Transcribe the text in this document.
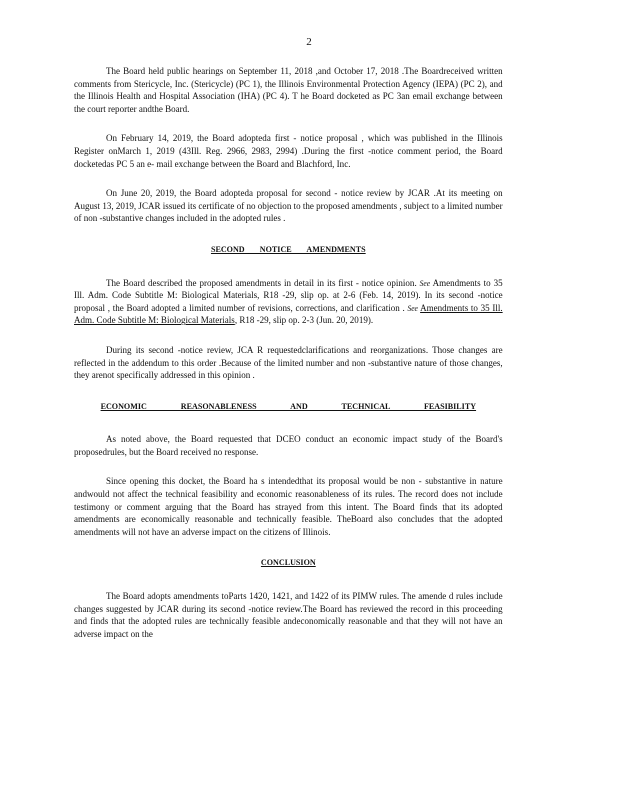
2

The Board held public hearings on September 11, 2018 ,and October 17, 2018 .The Boardreceived written comments from Stericycle, Inc. (Stericycle) (PC 1), the Illinois Environmental Protection Agency (IEPA) (PC 2), and the Illinois Health and Hospital Association (IHA) (PC 4). T he Board docketed as PC 3an email exchange between the court reporter andthe Board.

On February 14, 2019, the Board adopteda first - notice proposal , which was published in the Illinois Register onMarch 1, 2019 (43Ill. Reg. 2966, 2983, 2994) .During the first -notice comment period, the Board docketedas PC 5 an e- mail exchange between the Board and Blachford, Inc.

On June 20, 2019, the Board adopteda proposal for second - notice review by JCAR .At its meeting on August 13, 2019, JCAR issued its certificate of no objection to the proposed amendments , subject to a limited number of non -substantive changes included in the adopted rules .

SECOND NOTICE AMENDMENTS

The Board described the proposed amendments in detail in its first - notice opinion. See Amendments to 35 Ill. Adm. Code Subtitle M: Biological Materials, R18 -29, slip op. at 2-6 (Feb. 14, 2019). In its second -notice proposal , the Board adopted a limited number of revisions, corrections, and clarification . See Amendments to 35 Ill. Adm. Code Subtitle M: Biological Materials, R18 -29, slip op. 2-3 (Jun. 20, 2019).

During its second -notice review, JCA R requestedclarifications and reorganizations. Those changes are reflected in the addendum to this order .Because of the limited number and non -substantive nature of those changes, they arenot specifically addressed in this opinion .

ECONOMIC REASONABLENESS AND TECHNICAL FEASIBILITY

As noted above, the Board requested that DCEO conduct an economic impact study of the Board's proposedrules, but the Board received no response.

Since opening this docket, the Board ha s intendedthat its proposal would be non - substantive in nature andwould not affect the technical feasibility and economic reasonableness of its rules. The record does not include testimony or comment arguing that the Board has strayed from this intent. The Board finds that its adopted amendments are economically reasonable and technically feasible. TheBoard also concludes that the adopted amendments will not have an adverse impact on the citizens of Illinois.

CONCLUSION

The Board adopts amendments toParts 1420, 1421, and 1422 of its PIMW rules. The amende d rules include changes suggested by JCAR during its second -notice review.The Board has reviewed the record in this proceeding and finds that the adopted rules are technically feasible andeconomically reasonable and that they will not have an adverse impact on the
